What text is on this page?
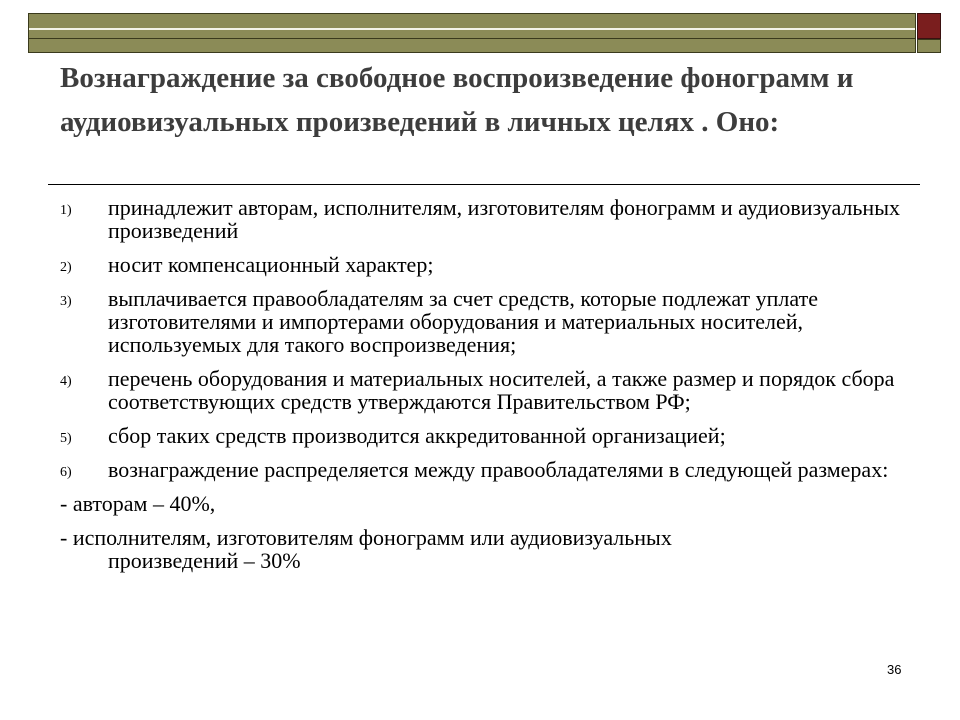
Вознаграждение за свободное воспроизведение фонограмм и аудиовизуальных произведений в личных целях . Оно:
1) принадлежит авторам, исполнителям, изготовителям фонограмм и аудиовизуальных произведений
2) носит компенсационный характер;
3) выплачивается правообладателям за счет средств, которые подлежат уплате изготовителями и импортерами оборудования и материальных носителей, используемых для такого воспроизведения;
4) перечень оборудования и материальных носителей, а также размер и порядок сбора соответствующих средств утверждаются Правительством РФ;
5) сбор таких средств производится аккредитованной организацией;
6) вознаграждение распределяется между правообладателями в следующей размерах:
- авторам – 40%,
- исполнителям, изготовителям фонограмм или аудиовизуальных
произведений – 30%
36
